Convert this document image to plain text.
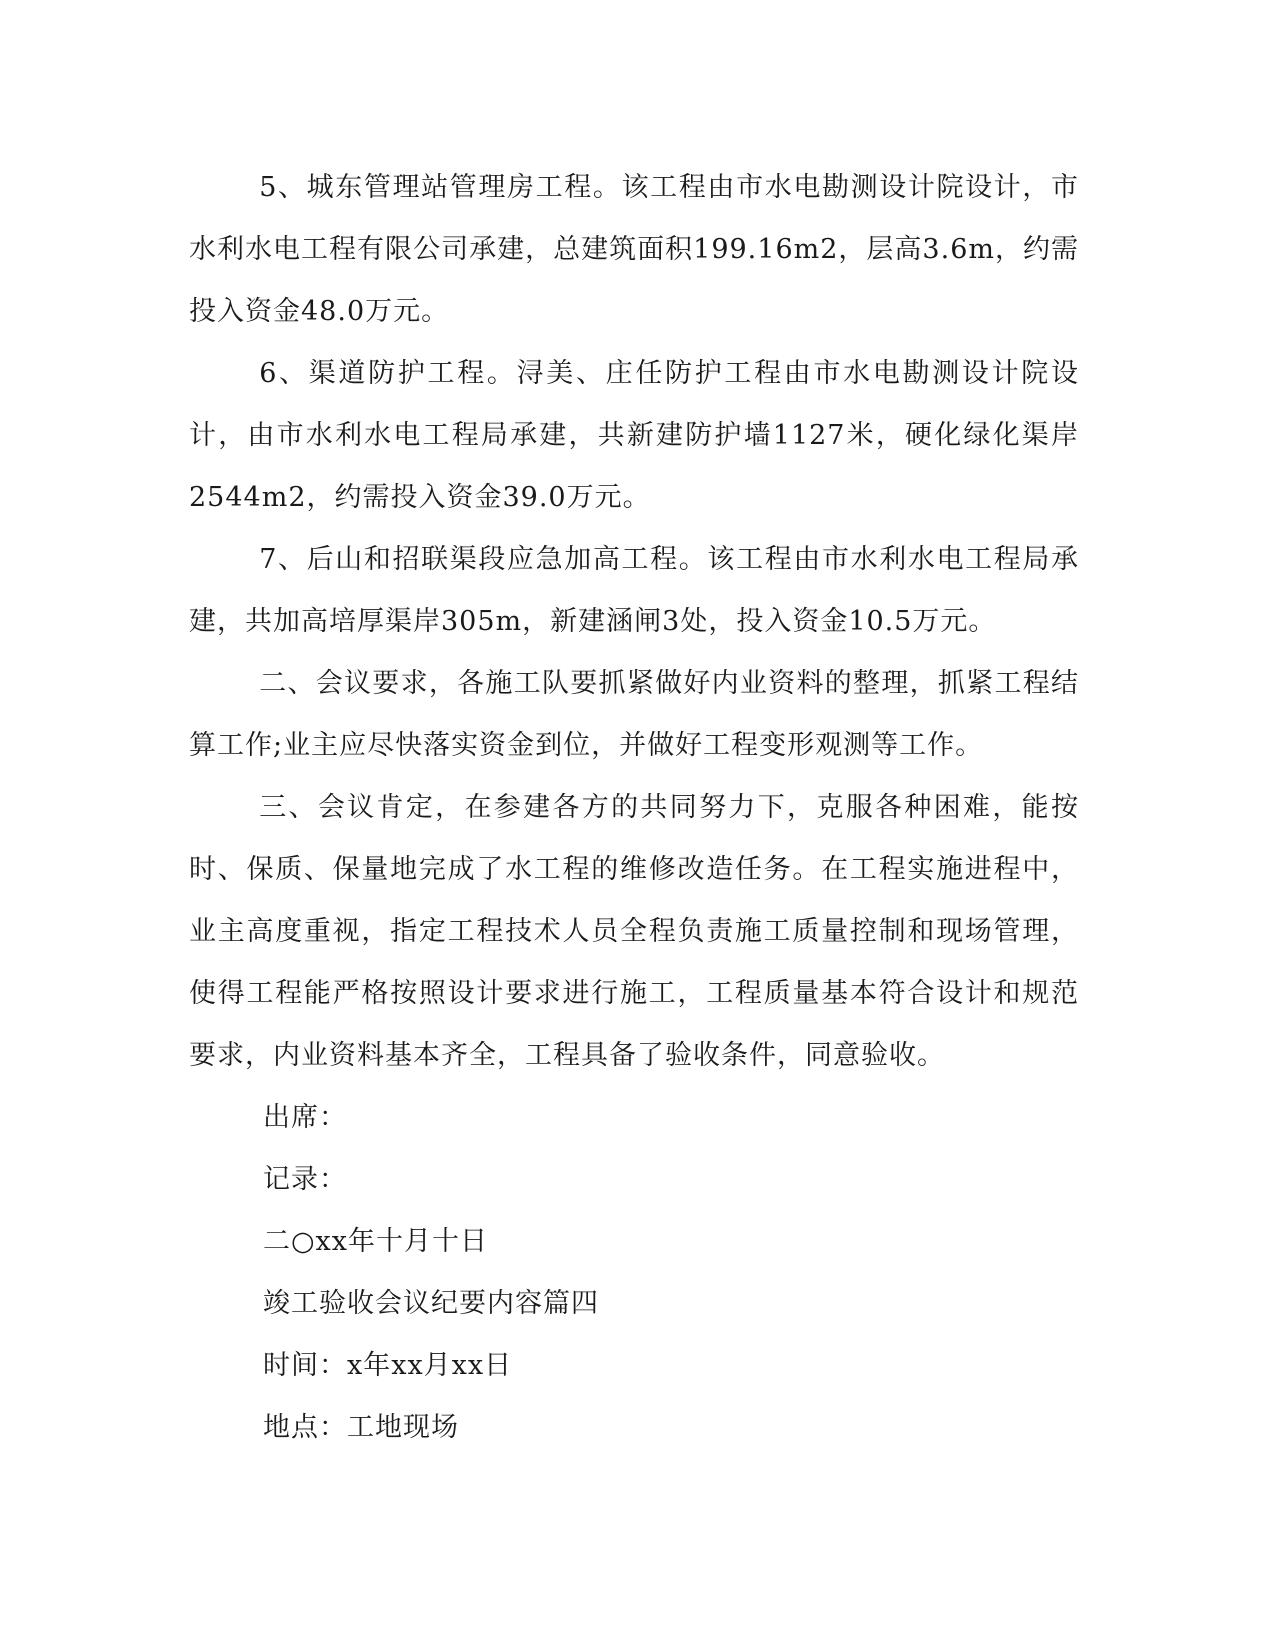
5、城东管理站管理房工程。该工程由市水电勘测设计院设计，市水利水电工程有限公司承建，总建筑面积199.16m2，层高3.6m，约需投入资金48.0万元。

6、渠道防护工程。浔美、庄任防护工程由市水电勘测设计院设计，由市水利水电工程局承建，共新建防护墙1127米，硬化绿化渠岸2544m2，约需投入资金39.0万元。

7、后山和招联渠段应急加高工程。该工程由市水利水电工程局承建，共加高培厚渠岸305m，新建涵闸3处，投入资金10.5万元。

二、会议要求，各施工队要抓紧做好内业资料的整理，抓紧工程结算工作;业主应尽快落实资金到位，并做好工程变形观测等工作。

三、会议肯定，在参建各方的共同努力下，克服各种困难，能按时、保质、保量地完成了水工程的维修改造任务。在工程实施进程中，业主高度重视，指定工程技术人员全程负责施工质量控制和现场管理，使得工程能严格按照设计要求进行施工，工程质量基本符合设计和规范要求，内业资料基本齐全，工程具备了验收条件，同意验收。

出席：

记录：

二○xx年十月十日

竣工验收会议纪要内容篇四

时间：x年xx月xx日

地点：工地现场
